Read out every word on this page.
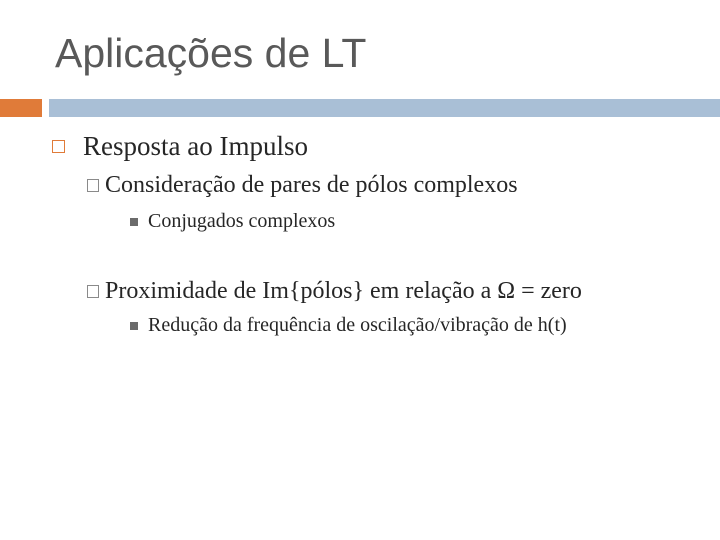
Aplicações de LT
Resposta ao Impulso
Consideração de pares de pólos complexos
Conjugados complexos
Proximidade de Im{pólos} em relação a Ω = zero
Redução da frequência de oscilação/vibração de h(t)
